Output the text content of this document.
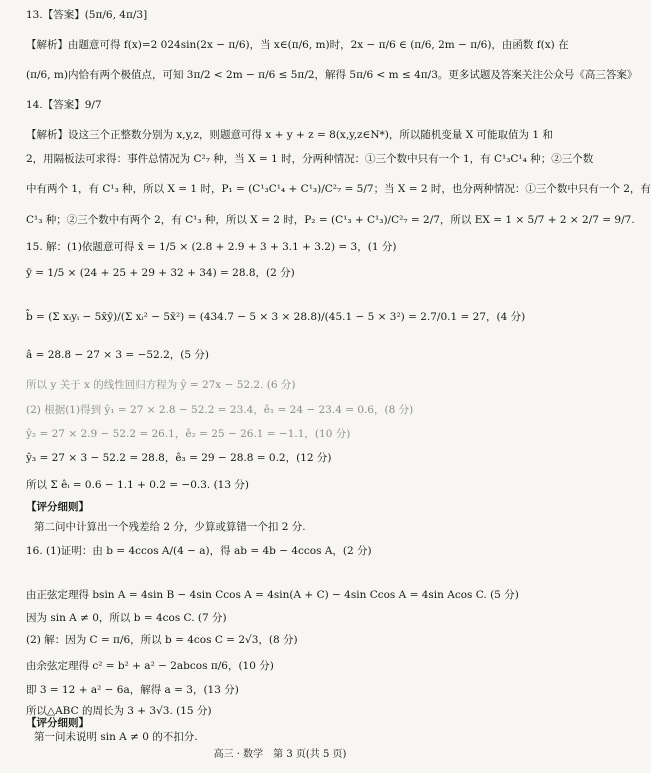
13.【答案】(5π/6, 4π/3]
【解析】由题意可得 f(x)=2 024sin(2x − π/6)，当 x∈(π/6, m)时，2x − π/6 ∈ (π/6, 2m − π/6)，由函数 f(x) 在
(π/6, m)内恰有两个极值点，可知 3π/2 < 2m − π/6 ≤ 5π/2，解得 5π/6 < m ≤ 4π/3。更多试题及答案关注公众号《高三答案》
14.【答案】9/7
【解析】设这三个正整数分别为 x,y,z，则题意可得 x + y + z = 8(x,y,z∈N*)，所以随机变量 X 可能取值为 1 和
2，用隔板法可求得：事件总情况为 C²₇ 种，当 X = 1 时，分两种情况：①三个数中只有一个 1，有 C¹₃C¹₄ 种；②三个数
中有两个 1，有 C¹₃ 种，所以 X = 1 时，P₁ = (C¹₃C¹₄ + C¹₃)/C²₇ = 5/7；当 X = 2 时，也分两种情况：①三个数中只有一个 2，有
C¹₃ 种；②三个数中有两个 2，有 C¹₃ 种，所以 X = 2 时，P₂ = (C¹₃ + C¹₃)/C²₇ = 2/7，所以 EX = 1 × 5/7 + 2 × 2/7 = 9/7.
15. 解：(1)依题意可得 x̄ = 1/5 × (2.8 + 2.9 + 3 + 3.1 + 3.2) = 3，(1 分)
ȳ = 1/5 × (24 + 25 + 29 + 32 + 34) = 28.8，(2 分)
b̂ = (Σ xᵢyᵢ − 5x̄ȳ)/(Σ xᵢ² − 5x̄²) = (434.7 − 5 × 3 × 28.8)/(45.1 − 5 × 3²) = 2.7/0.1 = 27，(4 分)
â = 28.8 − 27 × 3 = −52.2，(5 分)
所以 y 关于 x 的线性回归方程为 ŷ = 27x − 52.2. (6 分)
(2) 根据(1)得到 ŷ₁ = 27 × 2.8 − 52.2 = 23.4，ê₁ = 24 − 23.4 = 0.6，(8 分)
ŷ₂ = 27 × 2.9 − 52.2 = 26.1，ê₂ = 25 − 26.1 = −1.1，(10 分)
ŷ₃ = 27 × 3 − 52.2 = 28.8，ê₃ = 29 − 28.8 = 0.2，(12 分)
所以 Σ êᵢ = 0.6 − 1.1 + 0.2 = −0.3. (13 分)
【评分细则】
第二问中计算出一个残差给 2 分，少算或算错一个扣 2 分.
16. (1)证明：由 b = 4ccos A/(4 − a)，得 ab = 4b − 4ccos A，(2 分)
由正弦定理得 bsin A = 4sin B − 4sin Ccos A = 4sin(A + C) − 4sin Ccos A = 4sin Acos C. (5 分)
因为 sin A ≠ 0，所以 b = 4cos C. (7 分)
(2) 解：因为 C = π/6，所以 b = 4cos C = 2√3，(8 分)
由余弦定理得 c² = b² + a² − 2abcos π/6，(10 分)
即 3 = 12 + a² − 6a，解得 a = 3，(13 分)
所以△ABC 的周长为 3 + 3√3. (15 分)
【评分细则】
第一问未说明 sin A ≠ 0 的不扣分.
高三 · 数学　第 3 页(共 5 页)
